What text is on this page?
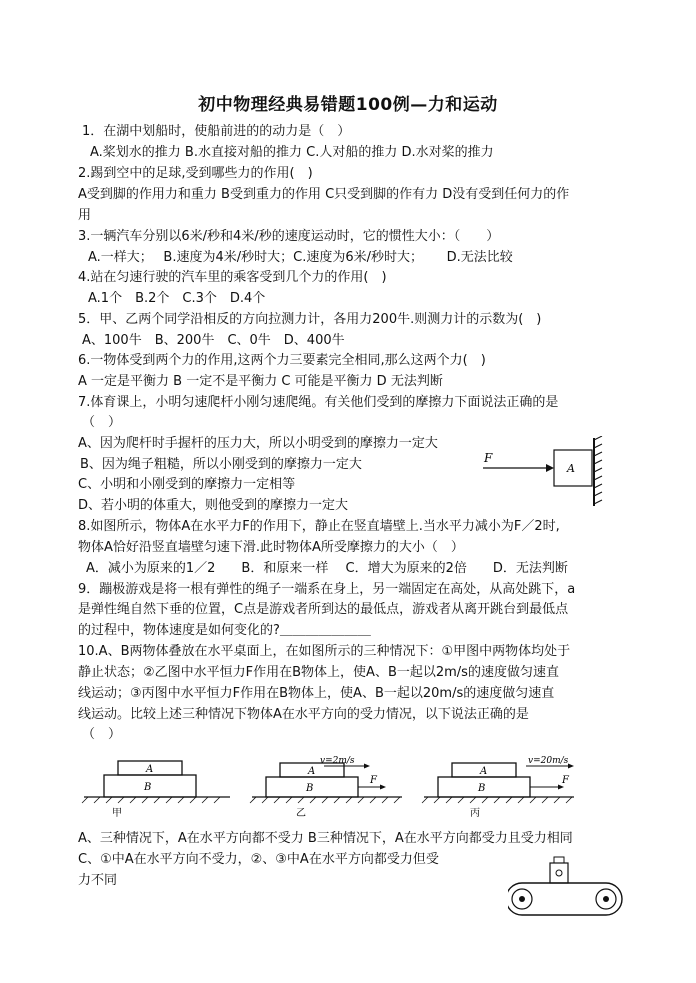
初中物理经典易错题100例—力和运动
1．在湖中划船时，使船前进的的动力是（　）
A.桨划水的推力 B.水直接对船的推力 C.人对船的推力 D.水对桨的推力
2.踢到空中的足球,受到哪些力的作用(　)
A受到脚的作用力和重力 B受到重力的作用 C只受到脚的作有力 D没有受到任何力的作
用
3.一辆汽车分别以6米/秒和4米/秒的速度运动时，它的惯性大小：（　　）
A.一样大；　 B.速度为4米/秒时大；C.速度为6米/秒时大；　　 D.无法比较
4.站在匀速行驶的汽车里的乘客受到几个力的作用(　)
A.1个　B.2个　C.3个　D.4个
5．甲、乙两个同学沿相反的方向拉测力计，各用力200牛.则测力计的示数为(　)
A、100牛　B、200牛　C、0牛　D、400牛
6.一物体受到两个力的作用,这两个力三要素完全相同,那么这两个力(　)
A 一定是平衡力 B 一定不是平衡力 C 可能是平衡力 D 无法判断
7.体育课上，小明匀速爬杆小刚匀速爬绳。有关他们受到的摩擦力下面说法正确的是
（　）
A、因为爬杆时手握杆的压力大，所以小明受到的摩擦力一定大
B、因为绳子粗糙，所以小刚受到的摩擦力一定大
C、小明和小刚受到的摩擦力一定相等
D、若小明的体重大，则他受到的摩擦力一定大
8.如图所示，物体A在水平力F的作用下，静止在竖直墙壁上.当水平力减小为F／2时,
物体A恰好沿竖直墙壁匀速下滑.此时物体A所受摩擦力的大小（　）
A．减小为原来的1／2　　B．和原来一样　 C．增大为原来的2倍　　D．无法判断
9．蹦极游戏是将一根有弹性的绳子一端系在身上，另一端固定在高处，从高处跳下，a
是弹性绳自然下垂的位置，C点是游戏者所到达的最低点，游戏者从离开跳台到最低点
的过程中，物体速度是如何变化的?＿＿＿＿＿＿＿
10.A、B两物体叠放在水平桌面上，在如图所示的三种情况下：①甲图中两物体均处于
静止状态；②乙图中水平恒力F作用在B物体上，使A、B一起以2m/s的速度做匀速直
线运动；③丙图中水平恒力F作用在B物体上，使A、B一起以20m/s的速度做匀速直
线运动。比较上述三种情况下物体A在水平方向的受力情况，以下说法正确的是
（　）
A、三种情况下，A在水平方向都不受力 B三种情况下，A在水平方向都受力且受力相同
C、①中A在水平方向不受力，②、③中A在水平方向都受力但受
力不同
F
A
A
B
甲
v=2m/s
A
B
F
乙
v=20m/s
A
B
F
丙
